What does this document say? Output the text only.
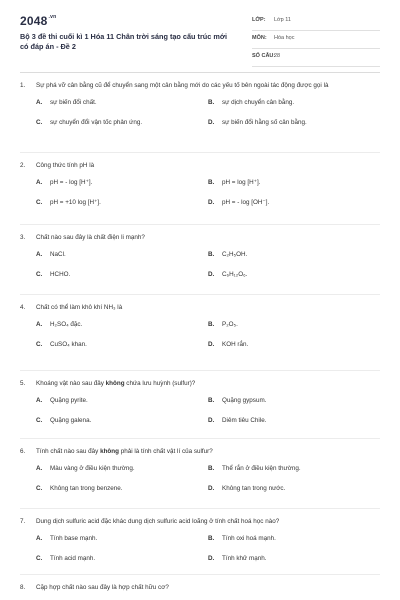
$2048^{.vn}$
Bộ 3 đề thi cuối kì 1 Hóa 11 Chân trời sáng tạo cấu trúc mới có đáp án - Đề 2
LỚP: Lớp 11
MÔN: Hóa học
SỐ CÂU:
28
1. Sự phá vỡ cân bằng cũ để chuyển sang một cân bằng mới do các yếu tố bên ngoài tác động được gọi là
A. sự biến đổi chất.	B. sự dịch chuyển cân bằng.
C. sự chuyển đổi vận tốc phản ứng.	D. sự biến đổi hằng số cân bằng.
2. Công thức tính pH là
A. pH = - log [H⁺].	B. pH = log [H⁺].
C. pH = +10 log [H⁺].	D. pH = - log [OH⁻].
3. Chất nào sau đây là chất điện li mạnh?
A. NaCl.	B. C₂H₅OH.
C. HCHO.	D. C₆H₁₂O₆.
4. Chất có thể làm khô khí NH₃ là
A. H₂SO₄ đặc.	B. P₂O₅.
C. CuSO₄ khan.	D. KOH rắn.
5. Khoáng vật nào sau đây không chứa lưu huỳnh (sulfur)?
A. Quặng pyrite.	B. Quặng gypsum.
C. Quặng galena.	D. Diêm tiêu Chile.
6. Tính chất nào sau đây không phải là tính chất vật lí của sulfur?
A. Màu vàng ở điều kiện thường.	B. Thể rắn ở điều kiện thường.
C. Không tan trong benzene.	D. Không tan trong nước.
7. Dung dịch sulfuric acid đặc khác dung dịch sulfuric acid loãng ở tính chất hoá học nào?
A. Tính base mạnh.	B. Tính oxi hoá mạnh.
C. Tính acid mạnh.	D. Tính khử mạnh.
8. Cặp hợp chất nào sau đây là hợp chất hữu cơ?
